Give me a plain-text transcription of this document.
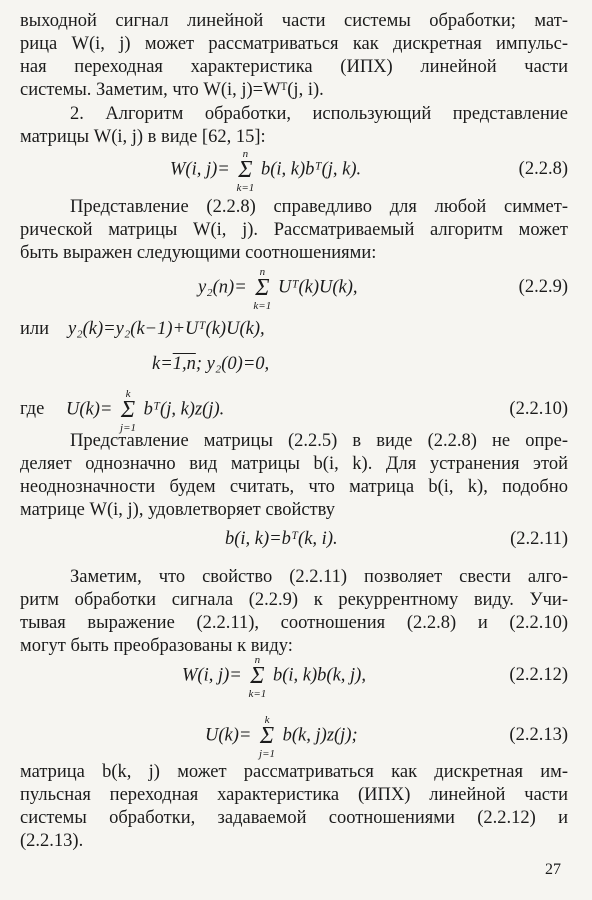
выходной сигнал линейной части системы обработки; мат-
рица W(i, j) может рассматриваться как дискретная импульс-
ная переходная характеристика (ИПХ) линейной части
системы. Заметим, что W(i, j)=Wᵀ(j, i).
2. Алгоритм обработки, использующий представление
матрицы W(i, j) в виде [62, 15]:
W(i, j)=
n
Σ
k=1
b(i, k)bᵀ(j, k).	(2.2.8)
Представление (2.2.8) справедливо для любой симмет-
рической матрицы W(i, j). Рассматриваемый алгоритм может
быть выражен следующими соотношениями:
y₂(n)=
n
Σ
k=1
Uᵀ(k)U(k),	(2.2.9)
или y₂(k)=y₂(k−1)+Uᵀ(k)U(k),
k=1,n; y₂(0)=0,
где U(k)=
k
Σ
j=1
bᵀ(j, k)z(j).	(2.2.10)
Представление матрицы (2.2.5) в виде (2.2.8) не опре-
деляет однозначно вид матрицы b(i, k). Для устранения этой
неоднозначности будем считать, что матрица b(i, k), подобно
матрице W(i, j), удовлетворяет свойству
b(i, k)=bᵀ(k, i).	(2.2.11)
Заметим, что свойство (2.2.11) позволяет свести алго-
ритм обработки сигнала (2.2.9) к рекуррентному виду. Учи-
тывая выражение (2.2.11), соотношения (2.2.8) и (2.2.10)
могут быть преобразованы к виду:
W(i, j)=
n
Σ
k=1
b(i, k)b(k, j),	(2.2.12)
U(k)=
k
Σ
j=1
b(k, j)z(j);	(2.2.13)
матрица b(k, j) может рассматриваться как дискретная им-
пульсная переходная характеристика (ИПХ) линейной части
системы обработки, задаваемой соотношениями (2.2.12) и
(2.2.13).
27
